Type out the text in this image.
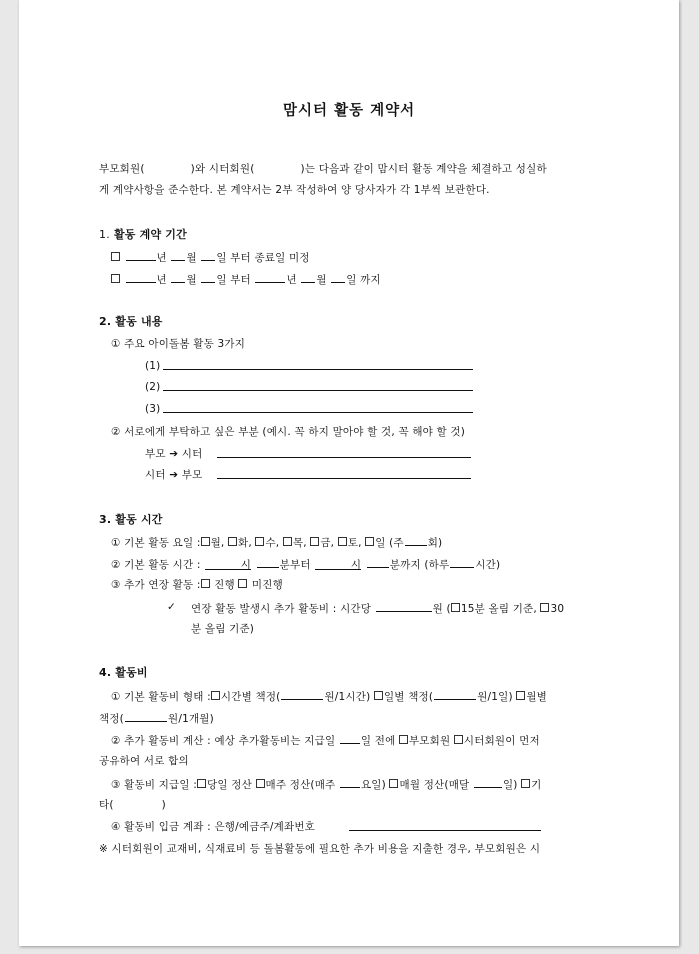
맘시터 활동 계약서
부모회원(	)와 시터회원(	)는 다음과 같이 맘시터 활동 계약을 체결하고 성실하
게 계약사항을 준수한다. 본 계약서는 2부 작성하여 양 당사자가 각 1부씩 보관한다.
1. 활동 계약 기간
년 월 일 부터 종료일 미정
년 월 일 부터	년 월 일 까지
2. 활동 내용
① 주요 아이돌봄 활동 3가지
(1)
(2)
(3)
② 서로에게 부탁하고 싶은 부분 (예시. 꼭 하지 말아야 할 것, 꼭 해야 할 것)
부모 ➔ 시터
시터 ➔ 부모
3. 활동 시간
① 기본 활동 요일 : 월, 화, 수, 목, 금, 토, 일 (주 회)
② 기본 활동 시간 :	시	분부터	시	분까지 (하루 시간)
③ 추가 연장 활동 : 진행 미진행
✓ 연장 활동 발생시 추가 활동비 : 시간당	원 ( 15분 올림 기준, 30
분 올림 기준)
4. 활동비
① 기본 활동비 형태 : 시간별 책정(	원/1시간) 일별 책정(	원/1일) 월별
책정(	원/1개월)
② 추가 활동비 계산 : 예상 추가활동비는 지급일 일 전에 부모회원 시터회원이 먼저
공유하여 서로 합의
③ 활동비 지급일 : 당일 정산 매주 정산(매주 요일) 매월 정산(매달	일) 기
타(	)
④ 활동비 입금 계좌 : 은행/예금주/계좌번호
※ 시터회원이 교재비, 식재료비 등 돌봄활동에 필요한 추가 비용을 지출한 경우, 부모회원은 시
